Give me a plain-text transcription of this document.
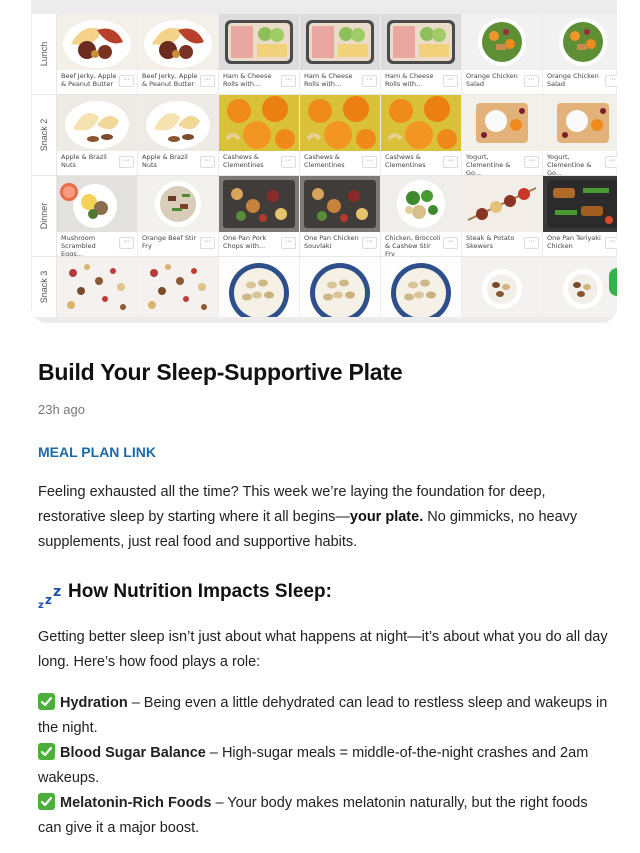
Lunch
Beef Jerky, Apple & Peanut Butter
···	Beef Jerky, Apple & Peanut Butter
···	Ham & Cheese Rolls with...
···	Ham & Cheese Rolls with...
···	Ham & Cheese Rolls with...
···	Orange Chicken Salad
···	Orange Chicken Salad
···
Snack 2
Apple & Brazil Nuts
···	Apple & Brazil Nuts
···	Cashews & Clementines
···	Cashews & Clementines
···	Cashews & Clementines
···	Yogurt, Clementine & Go...
···	Yogurt, Clementine & Go...
···
Dinner
Mushroom Scrambled Eggs...
···	Orange Beef Stir Fry
···	One Pan Pork Chops with...
···	One Pan Chicken Souvlaki
···	Chicken, Broccoli & Cashew Stir Fry
···	Steak & Potato Skewers
···	One Pan Teriyaki Chicken
···
Snack 3
Build Your Sleep-Supportive Plate
23h ago
MEAL PLAN LINK

Feeling exhausted all the time? This week we’re laying the foundation for deep, restorative sleep by starting where it all begins—your plate. No gimmicks, no heavy supplements, just real food and supportive habits.

z z z How Nutrition Impacts Sleep:

Getting better sleep isn’t just about what happens at night—it’s about what you do all day long. Here’s how food plays a role:

Hydration – Being even a little dehydrated can lead to restless sleep and wakeups in the night.
Blood Sugar Balance – High-sugar meals = middle-of-the-night crashes and 2am wakeups.
Melatonin-Rich Foods – Your body makes melatonin naturally, but the right foods can give it a major boost.
